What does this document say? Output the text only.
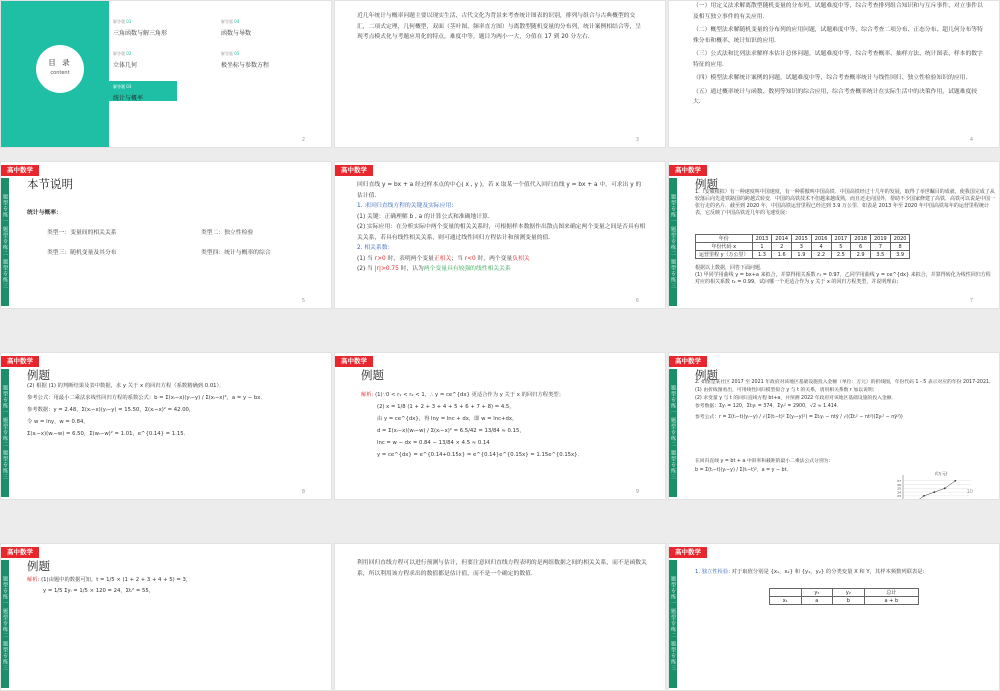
目 录
content
解答题 01
三角函数与解三角形
解答题 04
函数与导数
解答题 02
立体几何
解答题 05
极坐标与参数方程
解答题 03
统计与概率
2
近几年统计与概率问题主要以现实生活、古代文化为背景来考查统计图表的识别，排列与组合与古典概型的交汇，二项式定理，几何概型，双面（茎叶图、频率直方图）与离散型随机变量的分布列，统计案例相结合等，呈现考点模式化与考题应用化的特点，难度中等，题目为两小一大，分值在 17 到 20 分左右．
3
（一）用定义法求解离散型随机变量的分布列，试题难度中等，综合考查排列组合知识和与互斥事件、对立事件以及相互独立事件的有关应用．
（二）概型法求解随机变量的分布列的应用问题，试题难度中等，综合考查二项分布、正态分布、超几何分布等特殊分布和概率、统计知识的应用．
（三）公式法和比列法求解样本估计总体问题，试题难度中等，综合考查概率、抽样方法、统计图表、样本的数字特征的应用．
（四）模型法求解统计案例的问题，试题难度中等，综合考查概率统计与线性回归、独立性检验知识的应用．
（五）通过概率统计与函数、数列等知识的综合应用，综合考查概率统计在实际生活中的决策作用，试题难度较大．
4
高中数学
题型专练一 题型专练二 题型专练三
本节说明
统计与概率：
类型一：变量间的相关关系	类型二：独立性检验
类型三：随机变量及其分布	类型四：统计与概率的综合
5
高中数学
回归直线 y = bx + a 经过样本点的中心( x , y )，若 x 取某一个值代入回归直线 y = bx + a 中，可求出 y 的估计值．
1. 求回归直线方程的关键及实际应用:
(1) 关键：正确理解 b , a 的计算公式和准确地计算．
(2) 实际应用：在分析实际中两个变量的相关关系时，可根据样本数据作出散点图来确定两个变量之间是否具有相关关系，若具有线性相关关系，则可通过线性回归方程估计和预测变量的值．
2. 相关系数：
(1) 当 r>0 时，表明两个变量正相关；当 r<0 时，两个变量负相关
(2) 当 |r|>0.75 时，认为两个变量具有较强的线性相关关系
6
高中数学
题型专练一 题型专练二 题型专练三
例题
1.（安徽模拟）有一种速度叫中国速度，有一种骄傲叫中国高铁．中国高铁经过十几年的发展，取得了举世瞩目的成就，使我国完成了从较落后向先进铁路国的跨越式转变．中国的高铁技术不但越来越成熟，而且还走向国外，帮助不少国家修建了高铁．高铁可以说是中国一张行走的名片．截至到 2020 年，中国高铁运营里程已经达到 3.9 万公里．如表是 2013 年至 2020 年中国高铁每年的运营里程统计表，它反映了中国高铁近几年的飞速发展：
年份	2013	2014	2015	2016	2017	2018	2019	2020
年份代码 x	1	2	3	4	5	6	7	8
运营里程 y（万公里）	1.3	1.6	1.9	2.2	2.5	2.9	3.5	3.9
根据以上数据，回答下面问题．
(1) 甲同学用曲线 y = bx+a 来拟合，并算得相关系数 r₁ = 0.97，乙同学用曲线 y = ce^{dx} 来拟合，并算得转化为线性回归方程对应的相关系数 r₂ = 0.99，试问哪一个更适合作为 y 关于 x 的回归方程类型，并说明理由；
7
高中数学
题型专练一 题型专练二 题型专练三
例题
(2) 根据 (1) 的判断结果及表中数据，求 y 关于 x 的回归方程（系数精确到 0.01）．
参考公式：用最小二乘法求线性回归方程的系数公式：b = Σ(xᵢ−x)(yᵢ−y) / Σ(xᵢ−x)²，a = y − bx．
参考数据：y = 2.48，Σ(xᵢ−x)(yᵢ−y) = 15.50，Σ(xᵢ−x)² = 42.00，
令 w = lny，w = 0.84，
Σ(xᵢ−x)(wᵢ−w) = 6.50，Σ(wᵢ−w)² = 1.01，e^{0.14} = 1.15．
8
高中数学
例题
解析: (1)∵0 < r₁ < r₂ < 1，∴ y = ce^{dx} 更适合作为 y 关于 x 的回归方程类型；
(2) x = 1/8 (1 + 2 + 3 + 4 + 5 + 6 + 7 + 8) = 4.5，
由 y = ce^{dx}，得 lny = lnc + dx，即 w = lnc+dx，
d = Σ(xᵢ−x)(wᵢ−w) / Σ(xᵢ−x)² = 6.5/42 = 13/84 ≈ 0.15，
lnc = w − dx = 0.84 − 13/84 × 4.5 ≈ 0.14
y = ce^{dx} = e^{0.14+0.15x} = e^{0.14}e^{0.15x} = 1.15e^{0.15x}．
9
高中数学
题型专练一 题型专练二 题型专练三
例题
2. 如图是某社区 2017 至 2021 年政府对该地区基础设施投入金额（单位：万元）的折线图，年份代码 1 - 5 表示对应的年份 2017-2021．
(1) 由折线图看出，可用线性回归模型拟合 y 与 t 的关系，请用相关系数 r 加以说明；
(2) 求变量 y 与 t 的回归直线方程 bt+a，并预测 2022 年政府对该地区基础设施的投入金额．
参考数据：Σyᵢ = 120，Σtᵢyᵢ = 374，Σyᵢ² = 2900，√2 ≈ 1.414．
参考公式：r = Σ(tᵢ−t)(yᵢ−y) / √(Σ(tᵢ−t)² Σ(yᵢ−y)²) = Σtᵢyᵢ − ntȳ / √((Σtᵢ² − nt²)(Σyᵢ² − nȳ²))
在回归直线 y = bt + a 中斜率和截距的最小二乘法公式分别为：
b = Σ(tᵢ−t)(yᵢ−y) / Σ(tᵢ−t)²，a = y − bt．
27
26
25
24
23
22
21
20
1	2	3	4	5	6
/(万元)
(年份代码)
10
高中数学
题型专练一 题型专练二 题型专练三
例题
解析: (1)由题中的数据可知，t = 1/5 × (1 + 2 + 3 + 4 + 5) = 3，
y = 1/5 Σyᵢ = 1/5 × 120 = 24，Σtᵢ² = 55，
利用回归直线方程可以进行预测与估计，但要注意回归直线方程表明的是两组数据之间的相关关系，而不是函数关系，所以利用该方程求出的数值都是估计值，而不是一个确定的数值．
高中数学
题型专练一 题型专练二 题型专练三
1. 独立性检验: 对于取值分别是 {x₁，x₂} 和 {y₁，y₂} 的分类变量 X 和 Y，其样本频数列联表是:
	y₁	y₂	总计
x₁	a	b	a + b
